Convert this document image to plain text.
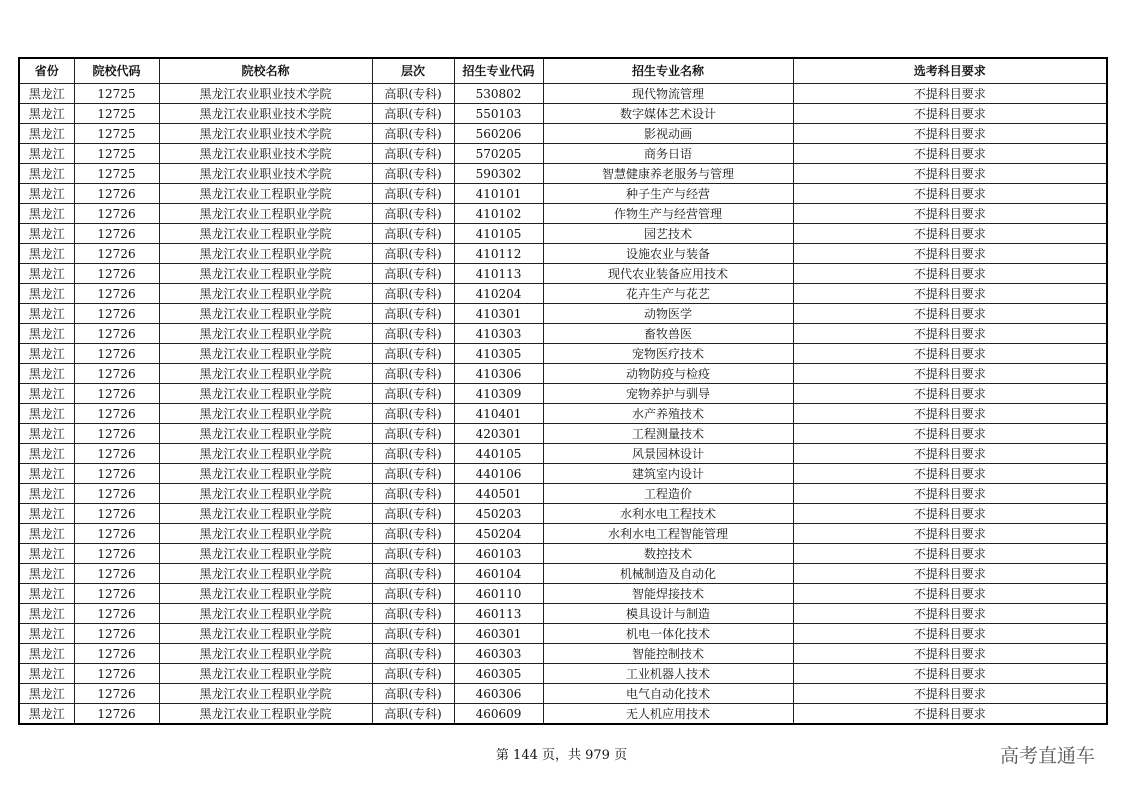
省份	院校代码	院校名称	层次	招生专业代码	招生专业名称	选考科目要求
黑龙江	12725	黑龙江农业职业技术学院	高职(专科)	530802	现代物流管理	不提科目要求
黑龙江	12725	黑龙江农业职业技术学院	高职(专科)	550103	数字媒体艺术设计	不提科目要求
黑龙江	12725	黑龙江农业职业技术学院	高职(专科)	560206	影视动画	不提科目要求
黑龙江	12725	黑龙江农业职业技术学院	高职(专科)	570205	商务日语	不提科目要求
黑龙江	12725	黑龙江农业职业技术学院	高职(专科)	590302	智慧健康养老服务与管理	不提科目要求
黑龙江	12726	黑龙江农业工程职业学院	高职(专科)	410101	种子生产与经营	不提科目要求
黑龙江	12726	黑龙江农业工程职业学院	高职(专科)	410102	作物生产与经营管理	不提科目要求
黑龙江	12726	黑龙江农业工程职业学院	高职(专科)	410105	园艺技术	不提科目要求
黑龙江	12726	黑龙江农业工程职业学院	高职(专科)	410112	设施农业与装备	不提科目要求
黑龙江	12726	黑龙江农业工程职业学院	高职(专科)	410113	现代农业装备应用技术	不提科目要求
黑龙江	12726	黑龙江农业工程职业学院	高职(专科)	410204	花卉生产与花艺	不提科目要求
黑龙江	12726	黑龙江农业工程职业学院	高职(专科)	410301	动物医学	不提科目要求
黑龙江	12726	黑龙江农业工程职业学院	高职(专科)	410303	畜牧兽医	不提科目要求
黑龙江	12726	黑龙江农业工程职业学院	高职(专科)	410305	宠物医疗技术	不提科目要求
黑龙江	12726	黑龙江农业工程职业学院	高职(专科)	410306	动物防疫与检疫	不提科目要求
黑龙江	12726	黑龙江农业工程职业学院	高职(专科)	410309	宠物养护与驯导	不提科目要求
黑龙江	12726	黑龙江农业工程职业学院	高职(专科)	410401	水产养殖技术	不提科目要求
黑龙江	12726	黑龙江农业工程职业学院	高职(专科)	420301	工程测量技术	不提科目要求
黑龙江	12726	黑龙江农业工程职业学院	高职(专科)	440105	风景园林设计	不提科目要求
黑龙江	12726	黑龙江农业工程职业学院	高职(专科)	440106	建筑室内设计	不提科目要求
黑龙江	12726	黑龙江农业工程职业学院	高职(专科)	440501	工程造价	不提科目要求
黑龙江	12726	黑龙江农业工程职业学院	高职(专科)	450203	水利水电工程技术	不提科目要求
黑龙江	12726	黑龙江农业工程职业学院	高职(专科)	450204	水利水电工程智能管理	不提科目要求
黑龙江	12726	黑龙江农业工程职业学院	高职(专科)	460103	数控技术	不提科目要求
黑龙江	12726	黑龙江农业工程职业学院	高职(专科)	460104	机械制造及自动化	不提科目要求
黑龙江	12726	黑龙江农业工程职业学院	高职(专科)	460110	智能焊接技术	不提科目要求
黑龙江	12726	黑龙江农业工程职业学院	高职(专科)	460113	模具设计与制造	不提科目要求
黑龙江	12726	黑龙江农业工程职业学院	高职(专科)	460301	机电一体化技术	不提科目要求
黑龙江	12726	黑龙江农业工程职业学院	高职(专科)	460303	智能控制技术	不提科目要求
黑龙江	12726	黑龙江农业工程职业学院	高职(专科)	460305	工业机器人技术	不提科目要求
黑龙江	12726	黑龙江农业工程职业学院	高职(专科)	460306	电气自动化技术	不提科目要求
黑龙江	12726	黑龙江农业工程职业学院	高职(专科)	460609	无人机应用技术	不提科目要求
第 144 页，共 979 页	高考直通车
